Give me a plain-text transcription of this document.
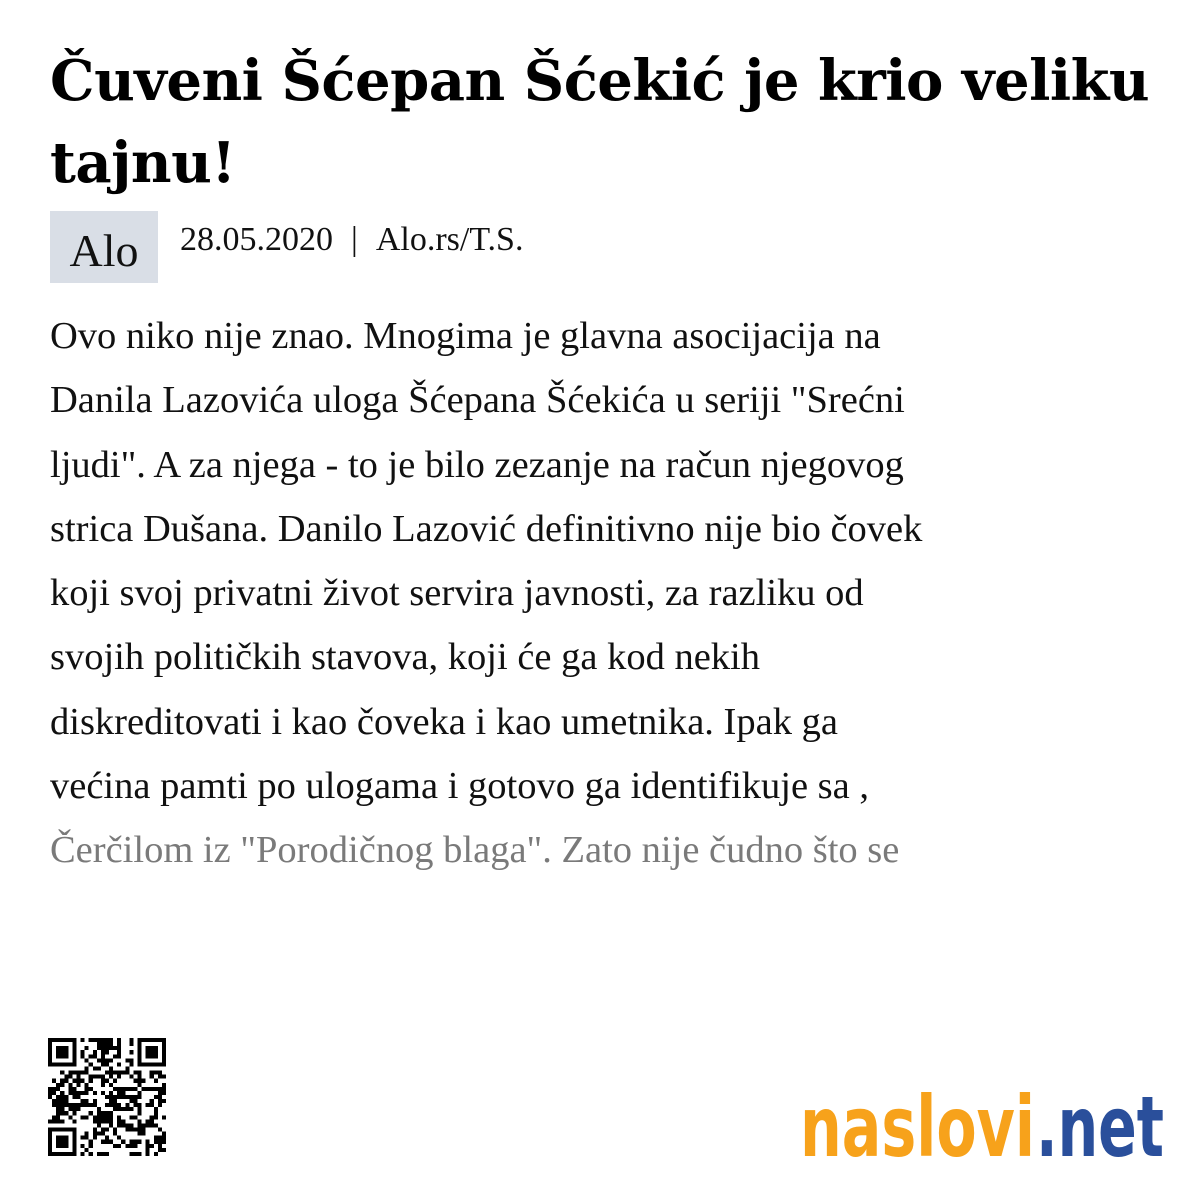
Čuveni Šćepan Šćekić je krio veliku tajnu!
Alo	28.05.2020 | Alo.rs/T.S.

Ovo niko nije znao. Mnogima je glavna asocijacija na
Danila Lazovića uloga Šćepana Šćekića u seriji "Srećni
ljudi". A za njega - to je bilo zezanje na račun njegovog
strica Dušana. Danilo Lazović definitivno nije bio čovek
koji svoj privatni život servira javnosti, za razliku od
svojih političkih stavova, koji će ga kod nekih
diskreditovati i kao čoveka i kao umetnika. Ipak ga
većina pamti po ulogama i gotovo ga identifikuje sa ,
Čerčilom iz "Porodičnog blaga". Zato nije čudno što se

naslovi .net
